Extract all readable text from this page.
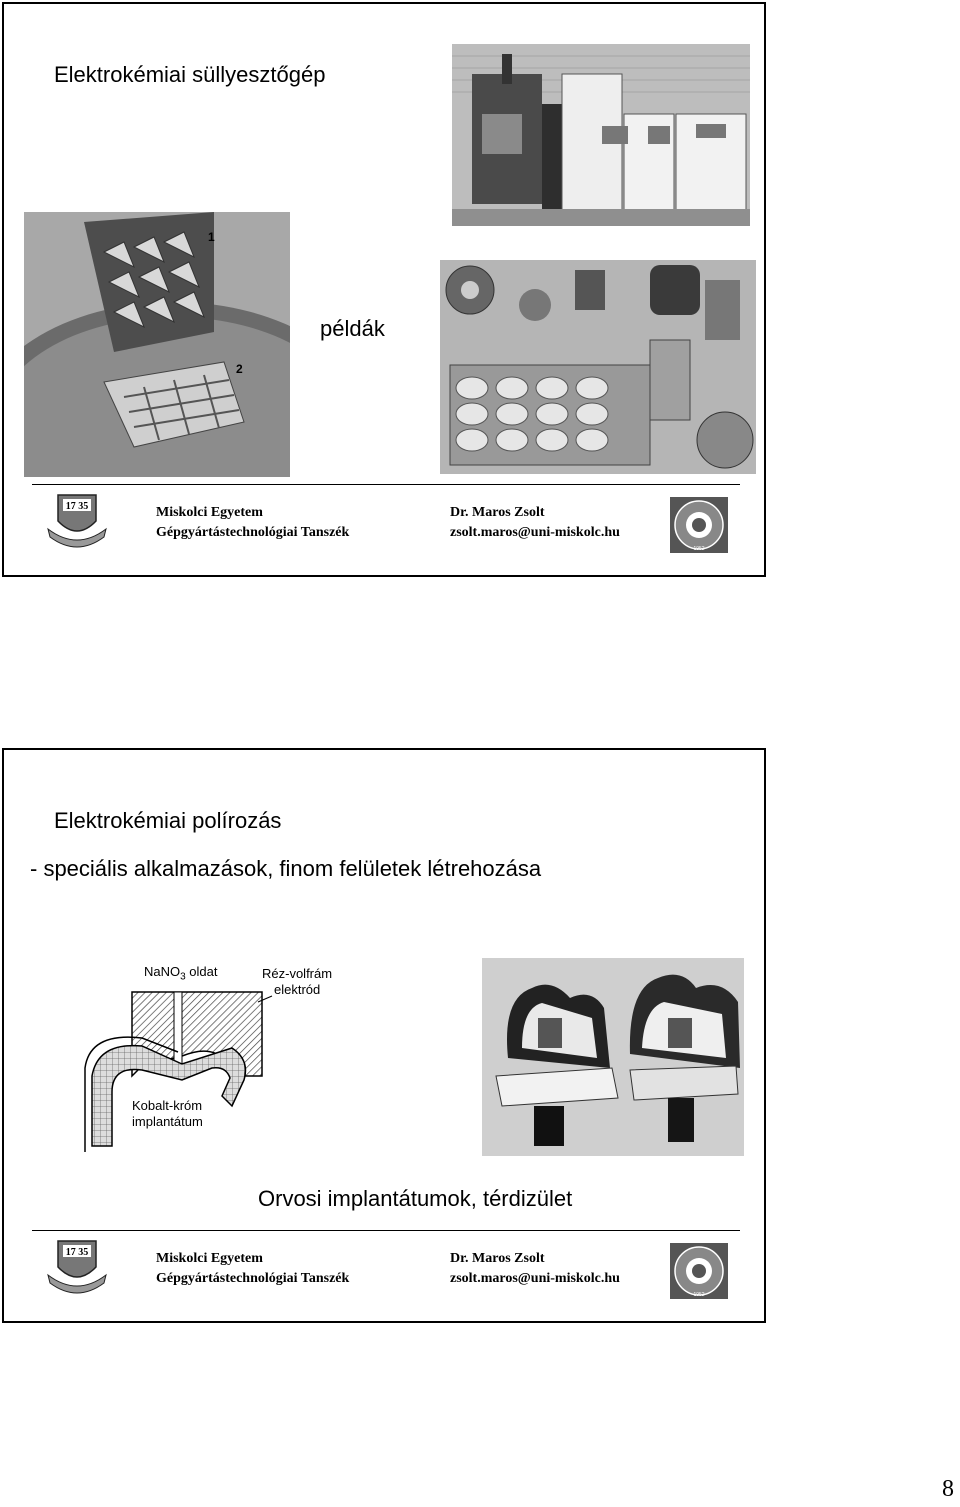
Elektrokémiai süllyesztőgép
1
2
példák
17 35	Miskolci Egyetem
Gépgyártástechnológiai Tanszék
Dr. Maros Zsolt
zsolt.maros@uni-miskolc.hu
1952
Elektrokémiai polírozás
- speciális alkalmazások, finom felületek létrehozása
NaNO$_3$ oldat	Réz-volfrám
elektród
Kobalt-króm
implantátum
Orvosi implantátumok, térdizület
17 35	Miskolci Egyetem
Gépgyártástechnológiai Tanszék
Dr. Maros Zsolt
zsolt.maros@uni-miskolc.hu
1952
8
